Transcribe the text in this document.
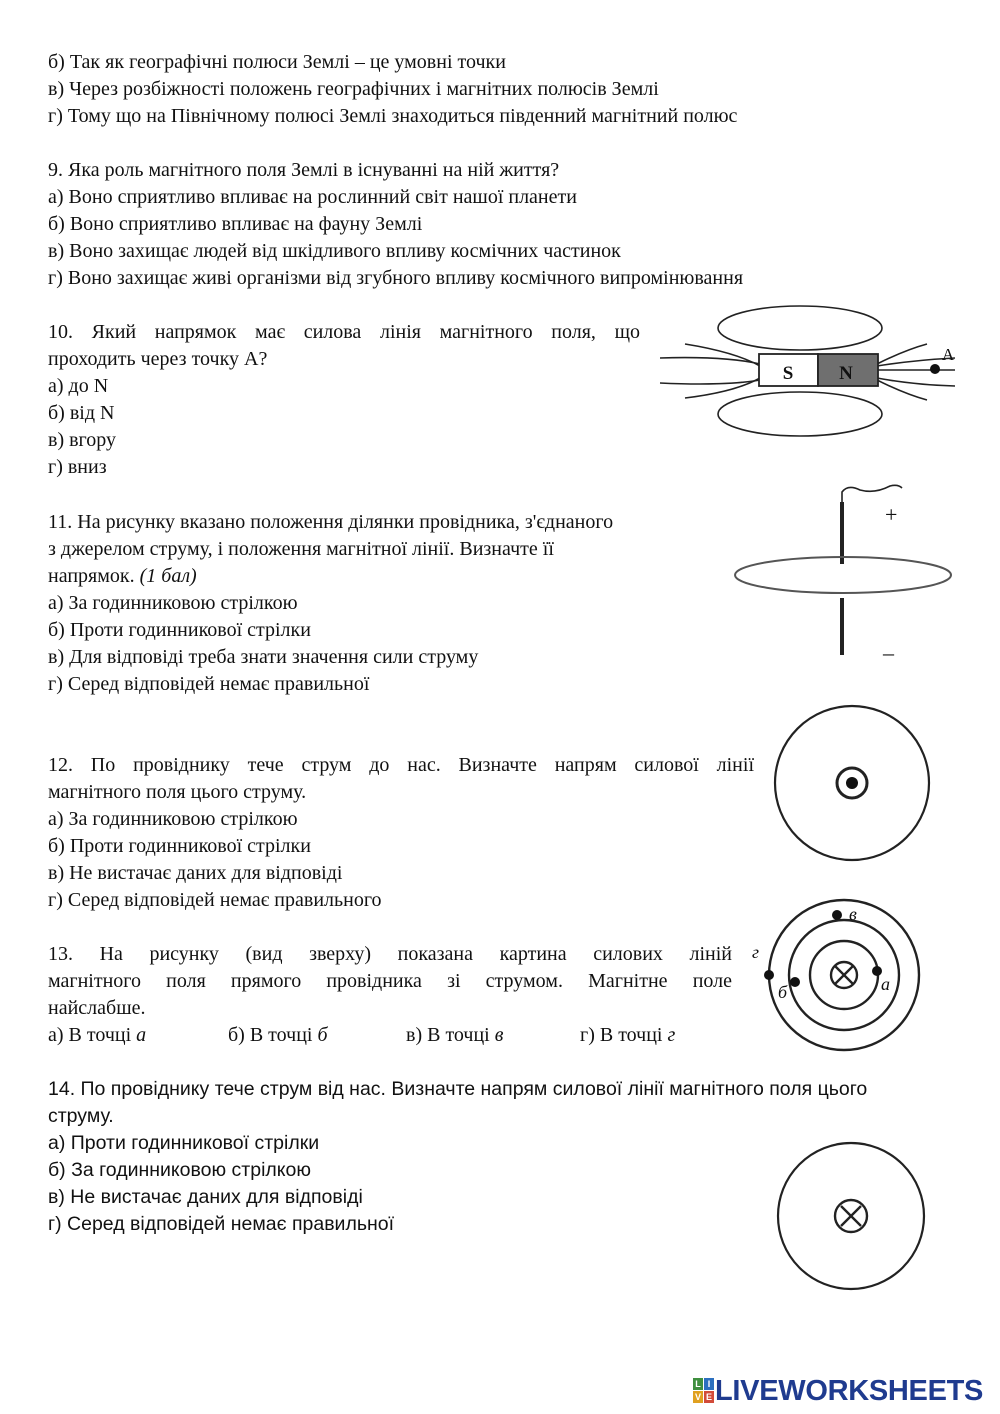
б) Так як географічні полюси Землі – це умовні точки
в) Через розбіжності положень географічних і магнітних полюсів Землі
г) Тому що на Північному полюсі Землі знаходиться південний магнітний полюс
9. Яка роль магнітного поля Землі в існуванні на ній життя?
а) Воно сприятливо впливає на рослинний світ нашої планети
б) Воно сприятливо впливає на фауну Землі
в) Воно захищає людей від шкідливого впливу космічних частинок
г) Воно захищає живі організми від згубного впливу космічного випромінювання
10. Який напрямок має силова лінія магнітного поля, що
проходить через точку А?
а) до N
б) від N
в) вгору
г) вниз
S N
A
11. На рисунку вказано положення ділянки провідника, з'єднаного
з джерелом струму, і положення магнітної лінії. Визначте її
напрямок. (1 бал)
а) За годинниковою стрілкою
б) Проти годинникової стрілки
в) Для відповіді треба знати значення сили струму
г) Серед відповідей немає правильної
+
–
12. По провіднику тече струм до нас. Визначте напрям силової лінії
магнітного поля цього струму.
а) За годинниковою стрілкою
б) Проти годинникової стрілки
в) Не вистачає даних для відповіді
г) Серед відповідей немає правильного
13. На рисунку (вид зверху) показана картина силових ліній
магнітного поля прямого провідника зі струмом. Магнітне поле
найслабше.
а) В точці а	б) В точці б	в) В точці в	г) В точці г
в
г
б	а
14. По провіднику тече струм від нас. Визначте напрям силової лінії магнітного поля цього
струму.
а) Проти годинникової стрілки
б) За годинниковою стрілкою
в) Не вистачає даних для відповіді
г) Серед відповідей немає правильної
L I
V E LIVEWORKSHEETS
